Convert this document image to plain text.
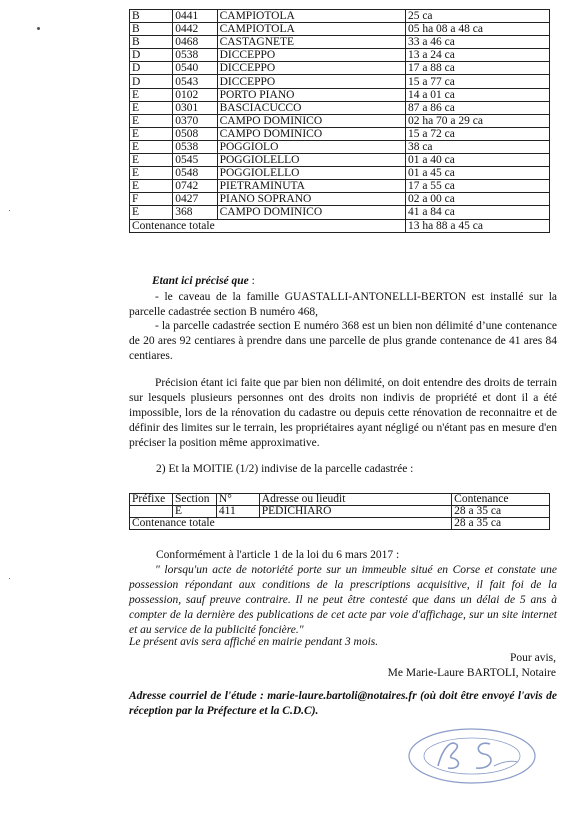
B	0441	CAMPIOTOLA	25 ca
B	0442	CAMPIOTOLA	05 ha 08 a 48 ca
B	0468	CASTAGNETE	33 a 46 ca
D	0538	DICCEPPO	13 a 24 ca
D	0540	DICCEPPO	17 a 88 ca
D	0543	DICCEPPO	15 a 77 ca
E	0102	PORTO PIANO	14 a 01 ca
E	0301	BASCIACUCCO	87 a 86 ca
E	0370	CAMPO DOMINICO	02 ha 70 a 29 ca
E	0508	CAMPO DOMINICO	15 a 72 ca
E	0538	POGGIOLO	38 ca
E	0545	POGGIOLELLO	01 a 40 ca
E	0548	POGGIOLELLO	01 a 45 ca
E	0742	PIETRAMINUTA	17 a 55 ca
F	0427	PIANO SOPRANO	02 a 00 ca
E	368	CAMPO DOMINICO	41 a 84 ca
Contenance totale			13 ha 88 a 45 ca
Etant ici précisé que :
- le caveau de la famille GUASTALLI-ANTONELLI-BERTON est installé sur la parcelle cadastrée section B numéro 468,
- la parcelle cadastrée section E numéro 368 est un bien non délimité d’une contenance de 20 ares 92 centiares à prendre dans une parcelle de plus grande contenance de 41 ares 84 centiares.
Précision étant ici faite que par bien non délimité, on doit entendre des droits de terrain sur lesquels plusieurs personnes ont des droits non indivis de propriété et dont il a été impossible, lors de la rénovation du cadastre ou depuis cette rénovation de reconnaitre et de définir des limites sur le terrain, les propriétaires ayant négligé ou n'étant pas en mesure d'en préciser la position même approximative.
2) Et la MOITIE (1/2) indivise de la parcelle cadastrée :
Préfixe	Section	N°	Adresse ou lieudit	Contenance
	E	411	PEDICHIARO	28 a 35 ca
Contenance totale				28 a 35 ca
Conformément à l'article 1 de la loi du 6 mars 2017 :
" lorsqu'un acte de notoriété porte sur un immeuble situé en Corse et constate une possession répondant aux conditions de la prescriptions acquisitive, il fait foi de la possession, sauf preuve contraire. Il ne peut être contesté que dans un délai de 5 ans à compter de la dernière des publications de cet acte par voie d'affichage, sur un site internet et au service de la publicité foncière."
Le présent avis sera affiché en mairie pendant 3 mois.
Pour avis,
Me Marie-Laure BARTOLI, Notaire
Adresse courriel de l'étude : marie-laure.bartoli@notaires.fr (où doit être envoyé l'avis de réception par la Préfecture et la C.D.C).
